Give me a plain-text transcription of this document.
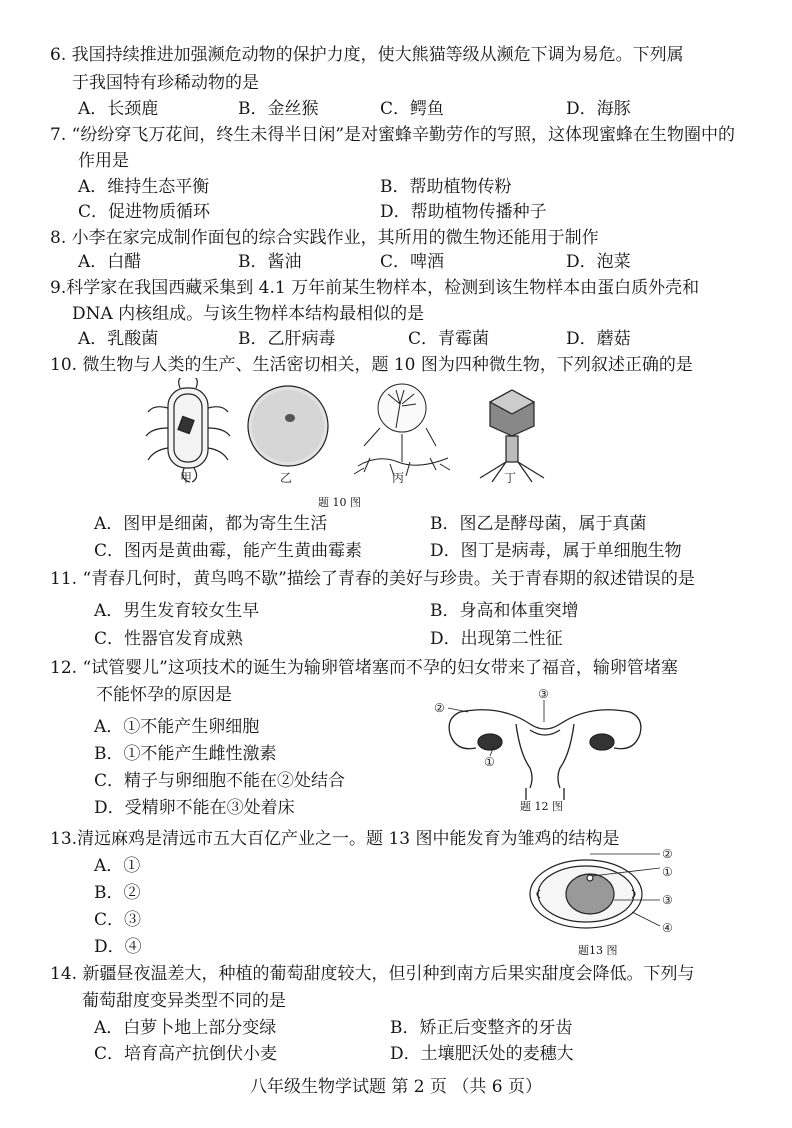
6. 我国持续推进加强濒危动物的保护力度，使大熊猫等级从濒危下调为易危。下列属
于我国特有珍稀动物的是
A．长颈鹿	B．金丝猴	C．鳄鱼	D．海豚
7. “纷纷穿飞万花间，终生未得半日闲”是对蜜蜂辛勤劳作的写照，这体现蜜蜂在生物圈中的
作用是
A．维持生态平衡	B．帮助植物传粉
C．促进物质循环	D．帮助植物传播种子
8. 小李在家完成制作面包的综合实践作业，其所用的微生物还能用于制作
A．白醋	B．酱油	C．啤酒	D．泡菜
9.科学家在我国西藏采集到 4.1 万年前某生物样本，检测到该生物样本由蛋白质外壳和
DNA 内核组成。与该生物样本结构最相似的是
A．乳酸菌	B．乙肝病毒	C．青霉菌	D．蘑菇
10. 微生物与人类的生产、生活密切相关，题 10 图为四种微生物，下列叙述正确的是
甲	乙	丙	丁
题 10 图
A．图甲是细菌，都为寄生生活	B．图乙是酵母菌，属于真菌
C．图丙是黄曲霉，能产生黄曲霉素	D．图丁是病毒，属于单细胞生物
11. “青春几何时，黄鸟鸣不歇”描绘了青春的美好与珍贵。关于青春期的叙述错误的是
A．男生发育较女生早	B．身高和体重突增
C．性器官发育成熟	D．出现第二性征
12. “试管婴儿”这项技术的诞生为输卵管堵塞而不孕的妇女带来了福音，输卵管堵塞
不能怀孕的原因是
A．①不能产生卵细胞
B．①不能产生雌性激素
C．精子与卵细胞不能在②处结合
D．受精卵不能在③处着床
②
③
①
题 12 图
13.清远麻鸡是清远市五大百亿产业之一。题 13 图中能发育为雏鸡的结构是
A．①
B．②
C．③
D．④
②
①
③
④
题13 图
14. 新疆昼夜温差大，种植的葡萄甜度较大，但引种到南方后果实甜度会降低。下列与
葡萄甜度变异类型不同的是
A．白萝卜地上部分变绿	B．矫正后变整齐的牙齿
C．培育高产抗倒伏小麦	D．土壤肥沃处的麦穗大
八年级生物学试题 第 2 页 （共 6 页）
